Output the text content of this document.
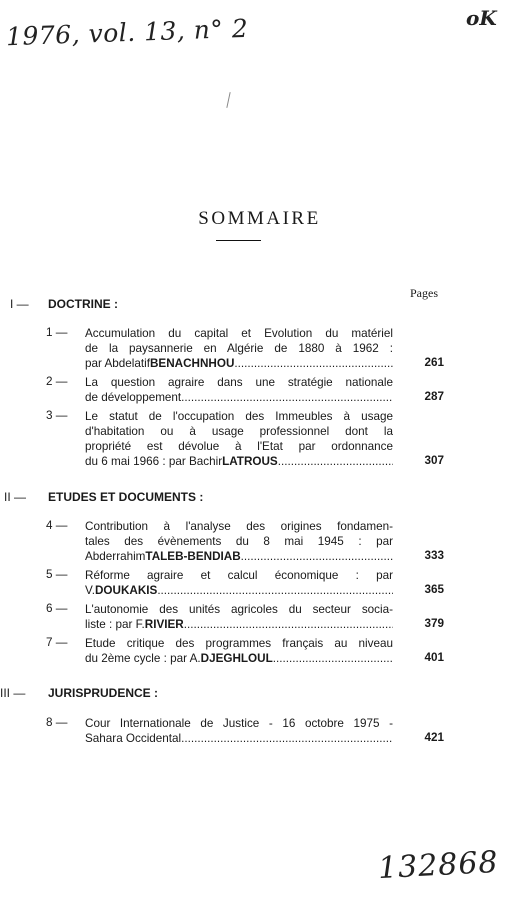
1976, vol. 13, n° 2	oK
132868
SOMMAIRE
Pages
I — DOCTRINE :
1 —	Accumulation du capital et Evolution du matériel
de la paysannerie en Algérie de 1880 à 1962 :
par Abdelatif BENACHNHOU .....	261
2 —	La question agraire dans une stratégie nationale
de développement .....	287
3 —	Le statut de l'occupation des Immeubles à usage
d'habitation ou à usage professionnel dont la
propriété est dévolue à l'Etat par ordonnance
du 6 mai 1966 : par Bachir LATROUS .....	307
II — ETUDES ET DOCUMENTS :
4 —	Contribution à l'analyse des origines fondamen-
tales des évènements du 8 mai 1945 : par
Abderrahim TALEB-BENDIAB .....	333
5 —	Réforme agraire et calcul économique : par
V. DOUKAKIS .....	365
6 —	L'autonomie des unités agricoles du secteur socia-
liste : par F. RIVIER .....	379
7 —	Etude critique des programmes français au niveau
du 2ème cycle : par A. DJEGHLOUL .....	401
III — JURISPRUDENCE :
8 —	Cour Internationale de Justice - 16 octobre 1975 -
Sahara Occidental .....	421
